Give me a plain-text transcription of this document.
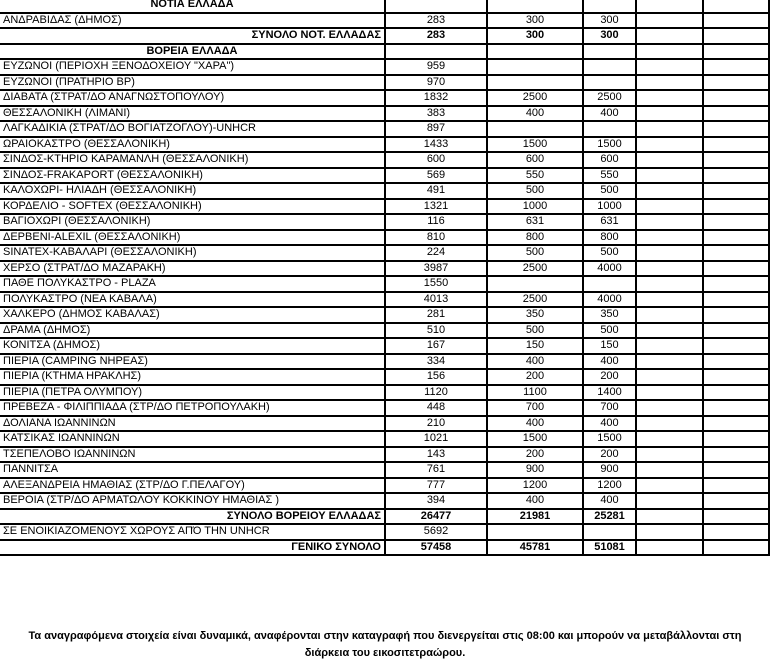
ΝΟΤΙΑ ΕΛΛΑΔΑ					
ΑΝΔΡΑΒΙΔΑΣ (ΔΗΜΟΣ)	283	300	300		
ΣΥΝΟΛΟ ΝΟΤ. ΕΛΛΑΔΑΣ	283	300	300		
ΒΟΡΕΙΑ ΕΛΛΑΔΑ					
ΕΥΖΩΝΟΙ (ΠΕΡΙΟΧΗ ΞΕΝΟΔΟΧΕΙΟΥ "ΧΑΡΑ")	959				
ΕΥΖΩΝΟΙ (ΠΡΑΤΗΡΙΟ BP)	970				
ΔΙΑΒΑΤΑ (ΣΤΡΑΤ/ΔΟ ΑΝΑΓΝΩΣΤΟΠΟΥΛΟΥ)	1832	2500	2500		
ΘΕΣΣΑΛΟΝΙΚΗ (ΛΙΜΑΝΙ)	383	400	400		
ΛΑΓΚΑΔΙΚΙΑ (ΣΤΡΑΤ/ΔΟ ΒΟΓΙΑΤΖΟΓΛΟΥ)-UNHCR	897				
ΩΡΑΙΟΚΑΣΤΡΟ (ΘΕΣΣΑΛΟΝΙΚΗ)	1433	1500	1500		
ΣΙΝΔΟΣ-ΚΤΗΡΙΟ ΚΑΡΑΜΑΝΛΗ (ΘΕΣΣΑΛΟΝΙΚΗ)	600	600	600		
ΣΙΝΔΟΣ-FRAKAPORT (ΘΕΣΣΑΛΟΝΙΚΗ)	569	550	550		
ΚΑΛΟΧΩΡΙ- ΗΛΙΑΔΗ (ΘΕΣΣΑΛΟΝΙΚΗ)	491	500	500		
ΚΟΡΔΕΛΙΟ - SOFTEX (ΘΕΣΣΑΛΟΝΙΚΗ)	1321	1000	1000		
ΒΑΓΙΟΧΩΡΙ (ΘΕΣΣΑΛΟΝΙΚΗ)	116	631	631		
ΔΕΡΒΕΝΙ-ALEXIL (ΘΕΣΣΑΛΟΝΙΚΗ)	810	800	800		
SINATEX-ΚΑΒΑΛΑΡΙ (ΘΕΣΣΑΛΟΝΙΚΗ)	224	500	500		
ΧΕΡΣΟ (ΣΤΡΑΤ/ΔΟ ΜΑΖΑΡΑΚΗ)	3987	2500	4000		
ΠΑΘΕ ΠΟΛΥΚΑΣΤΡΟ - PLAZA	1550				
ΠΟΛΥΚΑΣΤΡΟ (ΝΕΑ ΚΑΒΑΛΑ)	4013	2500	4000		
ΧΑΛΚΕΡΟ (ΔΗΜΟΣ ΚΑΒΑΛΑΣ)	281	350	350		
ΔΡΑΜΑ (ΔΗΜΟΣ)	510	500	500		
ΚΟΝΙΤΣΑ (ΔΗΜΟΣ)	167	150	150		
ΠΙΕΡΙΑ (CAMPING ΝΗΡΕΑΣ)	334	400	400		
ΠΙΕΡΙΑ (ΚΤΗΜΑ ΗΡΑΚΛΗΣ)	156	200	200		
ΠΙΕΡΙΑ (ΠΕΤΡΑ ΟΛΥΜΠΟΥ)	1120	1100	1400		
ΠΡΕΒΕΖΑ - ΦΙΛΙΠΠΙΑΔΑ (ΣΤΡ/ΔΟ ΠΕΤΡΟΠΟΥΛΑΚΗ)	448	700	700		
ΔΟΛΙΑΝΑ ΙΩΑΝΝΙΝΩΝ	210	400	400		
ΚΑΤΣΙΚΑΣ ΙΩΑΝΝΙΝΩΝ	1021	1500	1500		
ΤΣΕΠΕΛΟΒΟ ΙΩΑΝΝΙΝΩΝ	143	200	200		
ΠΑΝΝΙΤΣΑ	761	900	900		
ΑΛΕΞΑΝΔΡΕΙΑ ΗΜΑΘΙΑΣ (ΣΤΡ/ΔΟ Γ.ΠΕΛΑΓΟΥ)	777	1200	1200		
ΒΕΡΟΙΑ (ΣΤΡ/ΔΟ ΑΡΜΑΤΩΛΟΥ ΚΟΚΚΙΝΟΥ ΗΜΑΘΙΑΣ )	394	400	400		
ΣΥΝΟΛΟ ΒΟΡΕΙΟΥ ΕΛΛΑΔΑΣ	26477	21981	25281		
ΣΕ ΕΝΟΙΚΙΑΖΟΜΕΝΟΥΣ ΧΩΡΟΥΣ ΑΠΌ ΤΗΝ UNHCR	5692				
ΓΕΝΙΚΟ ΣΥΝΟΛΟ	57458	45781	51081		
Τα αναγραφόμενα στοιχεία είναι δυναμικά, αναφέρονται στην καταγραφή που διενεργείται στις 08:00 και μπορούν να μεταβάλλονται στη
διάρκεια του εικοσιτετραώρου.
